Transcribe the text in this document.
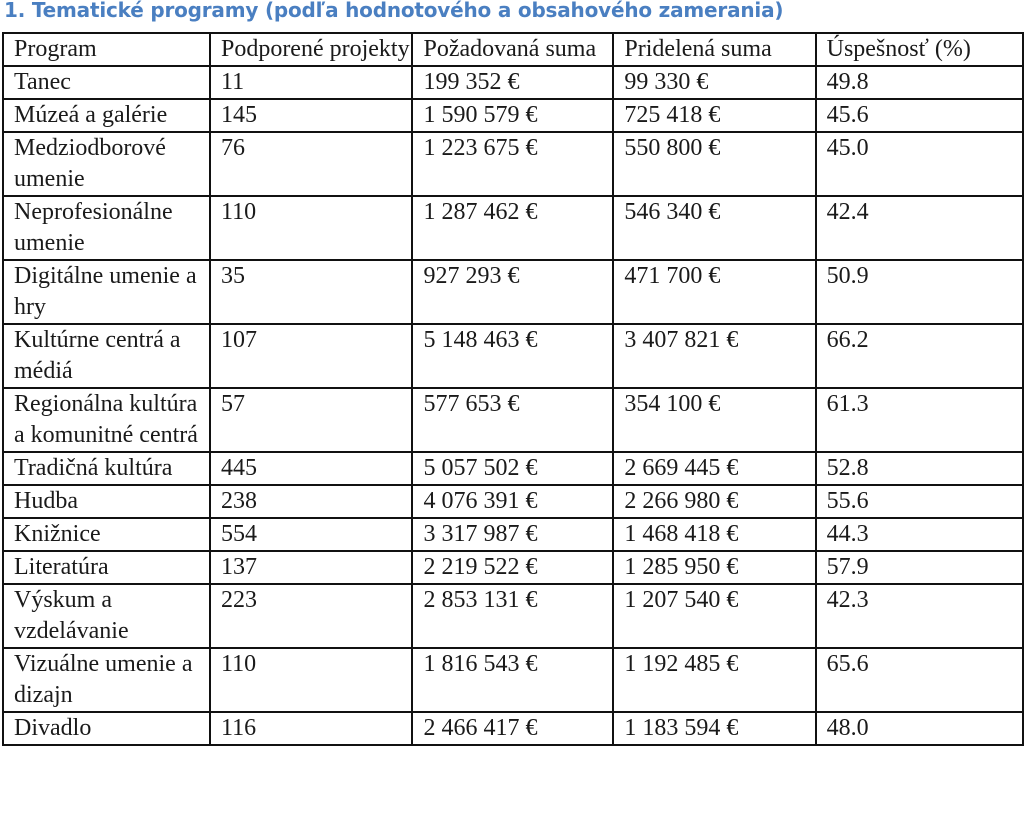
1. Tematické programy (podľa hodnotového a obsahového zamerania)
Program	Podporené projekty	Požadovaná suma	Pridelená suma	Úspešnosť (%)
Tanec	11	199 352 €	99 330 €	49.8
Múzeá a galérie	145	1 590 579 €	725 418 €	45.6
Medziodborové umenie	76	1 223 675 €	550 800 €	45.0
Neprofesionálne umenie	110	1 287 462 €	546 340 €	42.4
Digitálne umenie a hry	35	927 293 €	471 700 €	50.9
Kultúrne centrá a médiá	107	5 148 463 €	3 407 821 €	66.2
Regionálna kultúra a komunitné centrá	57	577 653 €	354 100 €	61.3
Tradičná kultúra	445	5 057 502 €	2 669 445 €	52.8
Hudba	238	4 076 391 €	2 266 980 €	55.6
Knižnice	554	3 317 987 €	1 468 418 €	44.3
Literatúra	137	2 219 522 €	1 285 950 €	57.9
Výskum a vzdelávanie	223	2 853 131 €	1 207 540 €	42.3
Vizuálne umenie a dizajn	110	1 816 543 €	1 192 485 €	65.6
Divadlo	116	2 466 417 €	1 183 594 €	48.0
